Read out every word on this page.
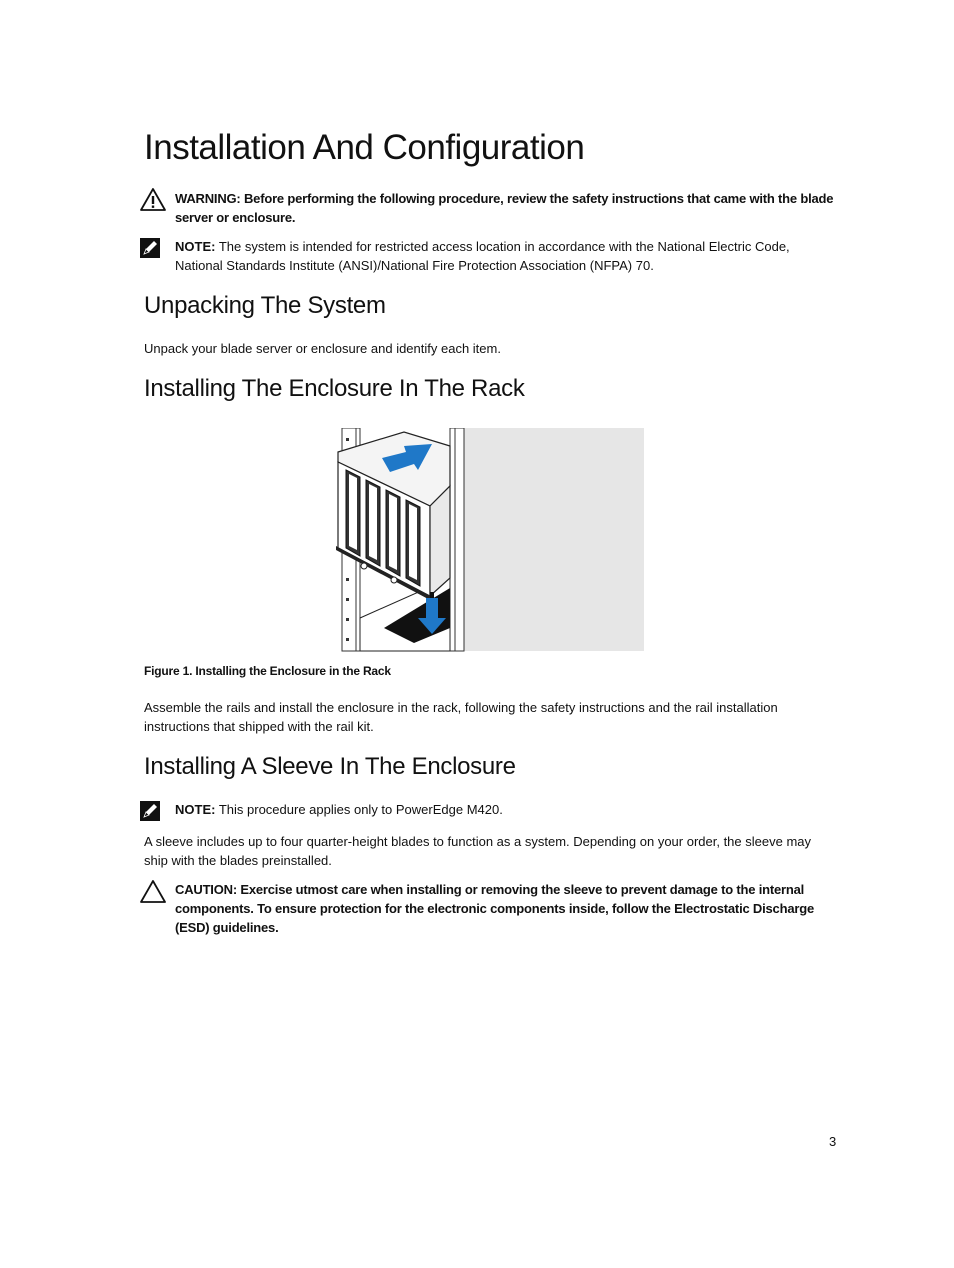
Installation And Configuration
WARNING: Before performing the following procedure, review the safety instructions that came with the blade server or enclosure.
NOTE: The system is intended for restricted access location in accordance with the National Electric Code, National Standards Institute (ANSI)/National Fire Protection Association (NFPA) 70.
Unpacking The System
Unpack your blade server or enclosure and identify each item.
Installing The Enclosure In The Rack
Figure 1. Installing the Enclosure in the Rack
Assemble the rails and install the enclosure in the rack, following the safety instructions and the rail installation instructions that shipped with the rail kit.
Installing A Sleeve In The Enclosure
NOTE: This procedure applies only to PowerEdge M420.
A sleeve includes up to four quarter-height blades to function as a system. Depending on your order, the sleeve may ship with the blades preinstalled.
CAUTION: Exercise utmost care when installing or removing the sleeve to prevent damage to the internal components. To ensure protection for the electronic components inside, follow the Electrostatic Discharge (ESD) guidelines.
3
